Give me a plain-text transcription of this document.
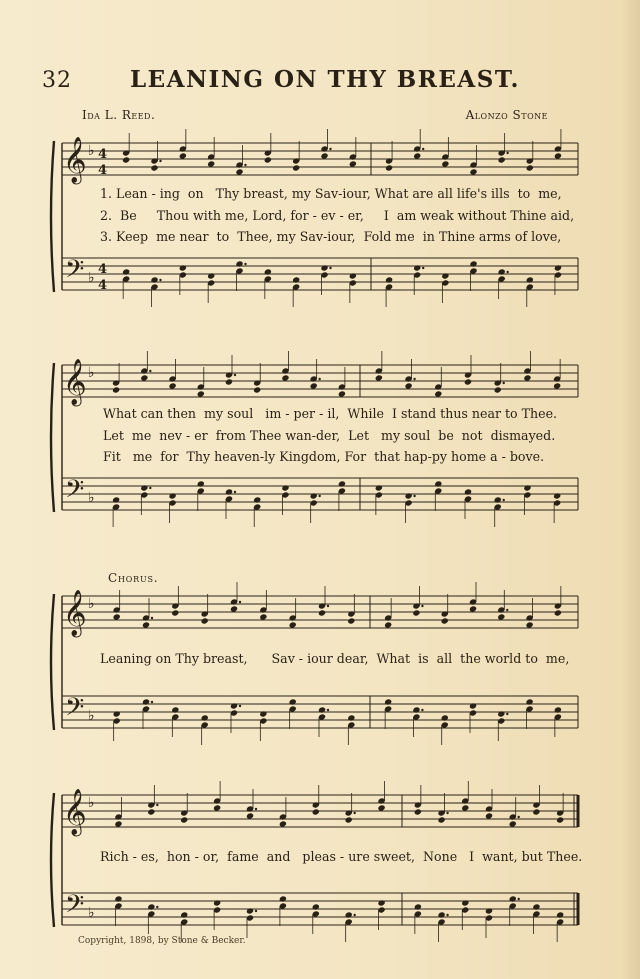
32	LEANING ON THY BREAST.
Ida L. Reed.	Alonzo Stone
Chorus.
𝄞
𝄢
♭
♭
4
4
4
4
𝄞
𝄢
♭
♭
𝄞
𝄢
♭
♭
𝄞
𝄢
♭
♭
1. Lean - ing  on   Thy breast, my Sav-iour, What are all life's ills  to  me,
2.  Be     Thou with me, Lord, for - ev - er,     I  am weak without Thine aid,
3. Keep  me near  to  Thee, my Sav-iour,  Fold me  in Thine arms of love,
What can then  my soul   im - per - il,  While  I stand thus near to Thee.
Let  me  nev - er  from Thee wan-der,  Let   my soul  be  not  dismayed.
Fit   me  for  Thy heaven-ly Kingdom, For  that hap-py home a - bove.
Leaning on Thy breast,      Sav - iour dear,  What  is  all  the world to  me,
Rich - es,  hon - or,  fame  and   pleas - ure sweet,  None   I  want, but Thee.
Copyright, 1898, by Stone & Becker.
